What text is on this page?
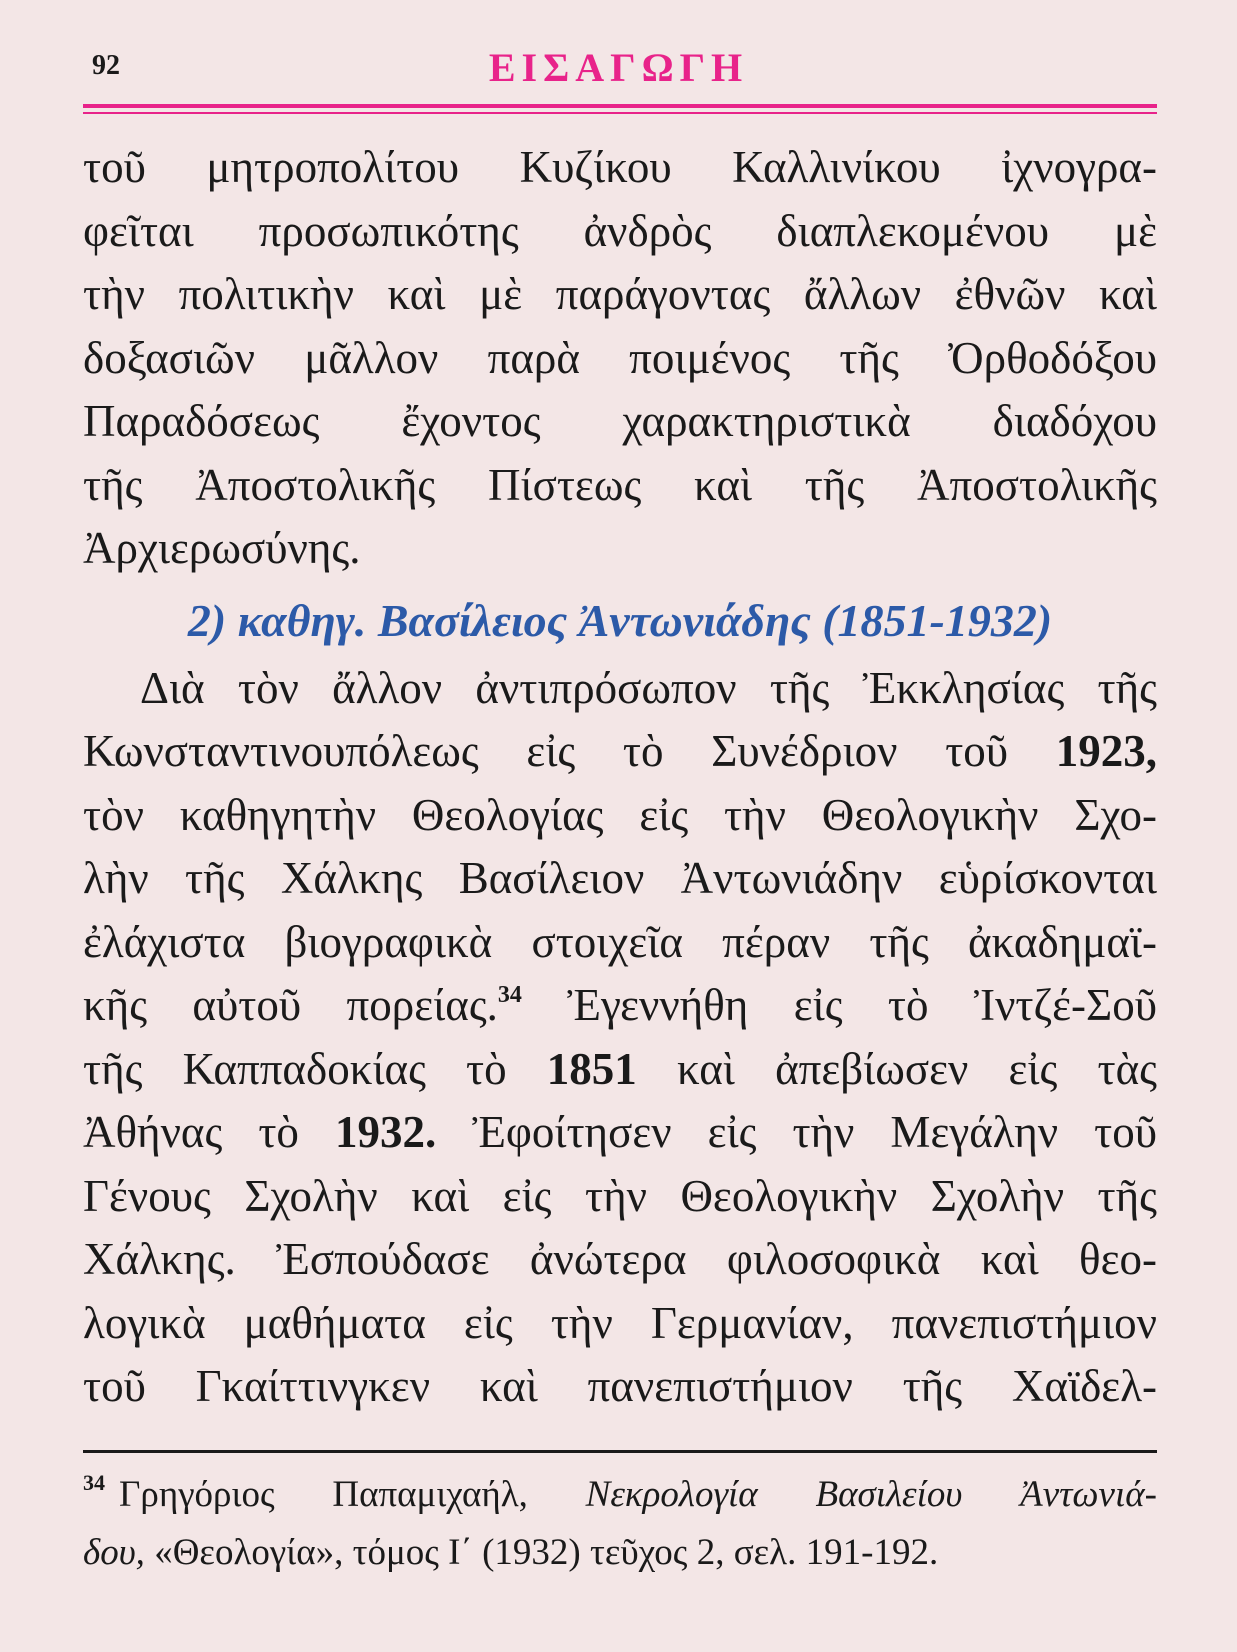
92	ΕΙΣΑΓΩΓΗ
τοῦ μητροπολίτου Κυζίκου Καλλινίκου ἰχνογρα-
φεῖται προσωπικότης ἀνδρὸς διαπλεκομένου μὲ
τὴν πολιτικὴν καὶ μὲ παράγοντας ἄλλων ἐθνῶν καὶ
δοξασιῶν μᾶλλον παρὰ ποιμένος τῆς Ὀρθοδόξου
Παραδόσεως ἔχοντος χαρακτηριστικὰ διαδόχου
τῆς Ἀποστολικῆς Πίστεως καὶ τῆς Ἀποστολικῆς
Ἀρχιερωσύνης.
2) καθηγ. Βασίλειος Ἀντωνιάδης (1851-1932)
Διὰ τὸν ἄλλον ἀντιπρόσωπον τῆς Ἐκκλησίας τῆς
Κωνσταντινουπόλεως εἰς τὸ Συνέδριον τοῦ 1923,
τὸν καθηγητὴν Θεολογίας εἰς τὴν Θεολογικὴν Σχο-
λὴν τῆς Χάλκης Βασίλειον Ἀντωνιάδην εὑρίσκονται
ἐλάχιστα βιογραφικὰ στοιχεῖα πέραν τῆς ἀκαδημαϊ-
κῆς αὐτοῦ πορείας.$^{34}$ Ἐγεννήθη εἰς τὸ Ἰντζέ-Σοῦ
τῆς Καππαδοκίας τὸ 1851 καὶ ἀπεβίωσεν εἰς τὰς
Ἀθήνας τὸ 1932. Ἐφοίτησεν εἰς τὴν Μεγάλην τοῦ
Γένους Σχολὴν καὶ εἰς τὴν Θεολογικὴν Σχολὴν τῆς
Χάλκης. Ἐσπούδασε ἀνώτερα φιλοσοφικὰ καὶ θεο-
λογικὰ μαθήματα εἰς τὴν Γερμανίαν, πανεπιστήμιον
τοῦ Γκαίττινγκεν καὶ πανεπιστήμιον τῆς Χαϊδελ-
$^{34}$ Γρηγόριος Παπαμιχαήλ, Νεκρολογία Βασιλείου Ἀντωνιά-
δου, «Θεολογία», τόμος Ι΄ (1932) τεῦχος 2, σελ. 191-192.
